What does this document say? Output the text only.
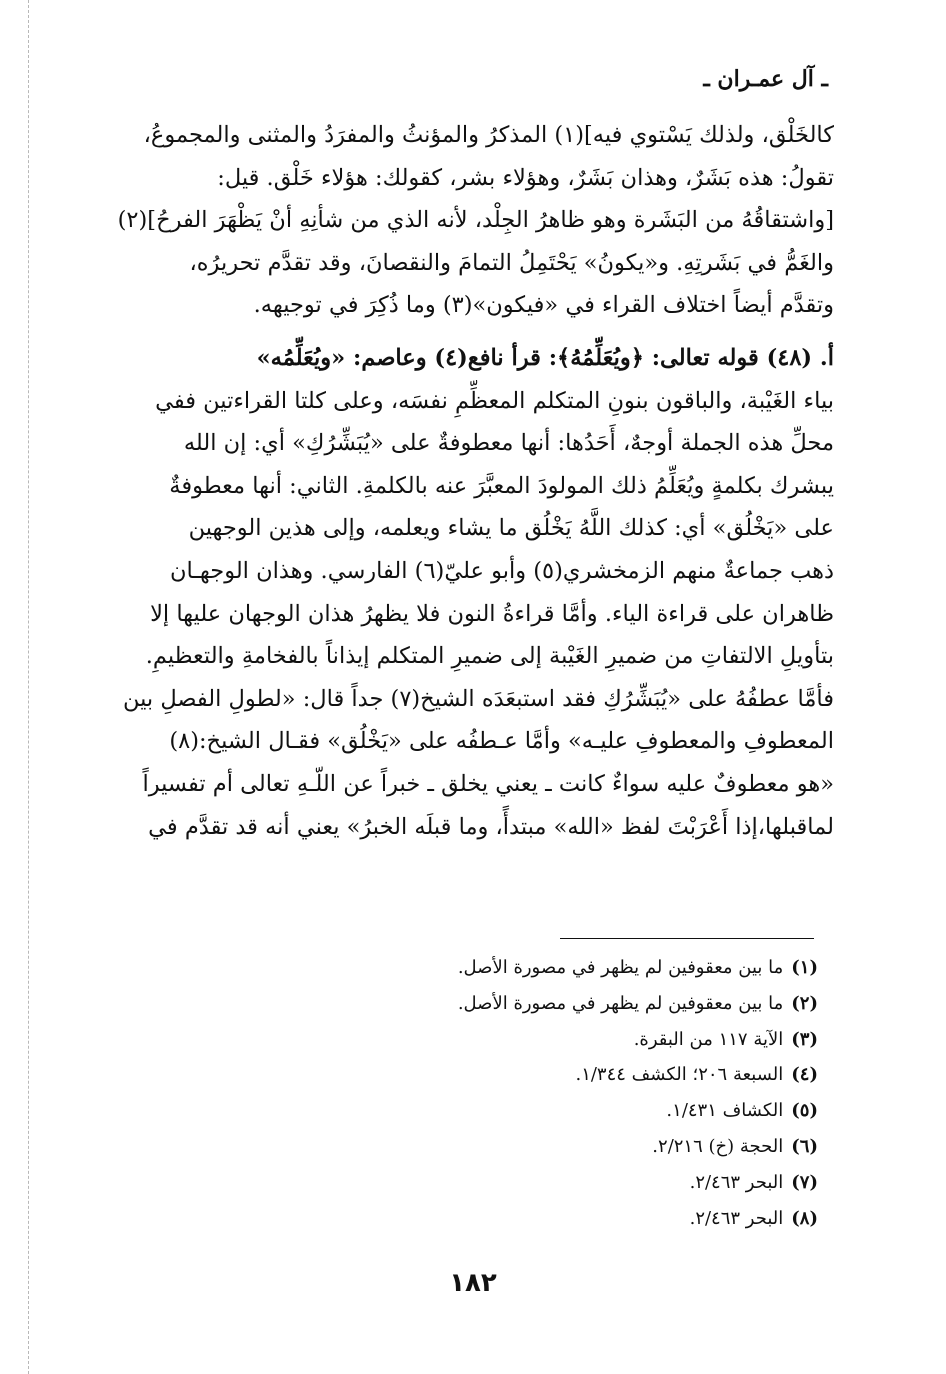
ـ آل عمـران ـ

كالخَلْق، ولذلك يَسْتوي فيه](١) المذكرُ والمؤنثُ والمفرَدُ والمثنى والمجموعُ،

تقولُ: هذه بَشَرٌ، وهذان بَشَرٌ، وهؤلاء بشر، كقولك: هؤلاء خَلْق. قيل:

[واشتقاقُهُ من البَشَرة وهو ظاهرُ الجِلْد، لأنه الذي من شأنِهِ أنْ يَظْهَرَ الفرحُ](٢)

والغَمُّ في بَشَرتِهِ. و«يكونُ» يَحْتَمِلُ التمامَ والنقصانَ، وقد تقدَّم تحريرُه،

وتقدَّم أيضاً اختلاف القراء في «فيكون»(٣) وما ذُكِرَ في توجيهه.

أ. (٤٨) قوله تعالى: ﴿ويُعَلِّمُهُ﴾: قرأ نافع(٤) وعاصم: «ويُعَلِّمُه»

بياء الغَيْبة، والباقون بنونِ المتكلم المعظِّمِ نفسَه، وعلى كلتا القراءتين ففي

محلِّ هذه الجملة أوجهٌ، أَحَدُها: أنها معطوفةٌ على «يُبَشِّرُكِ» أي: إن الله

يبشرك بكلمةٍ ويُعَلِّمُ ذلك المولودَ المعبَّرَ عنه بالكلمةِ. الثاني: أنها معطوفةٌ

على «يَخْلُق» أي: كذلك اللَّهُ يَخْلُق ما يشاء ويعلمه، وإلى هذين الوجهين

ذهب جماعةٌ منهم الزمخشري(٥) وأبو عليّ(٦) الفارسي. وهذان الوجهـان

ظاهران على قراءة الياء. وأمَّا قراءةُ النون فلا يظهرُ هذان الوجهان عليها إلا

بتأويلِ الالتفاتِ من ضميرِ الغَيْبة إلى ضميرِ المتكلم إيذاناً بالفخامةِ والتعظيمِ.

فأمَّا عطفُهُ على «يُبَشِّرُكِ فقد استبعَدَه الشيخ(٧) جداً قال: «لطولِ الفصلِ بين

المعطوفِ والمعطوفِ عليـه» وأمَّا عـطفُه على «يَخْلُق» فقـال الشيخ:(٨)

«هو معطوفٌ عليه سواءٌ كانت ـ يعني يخلق ـ خبراً عن اللّـهِ تعالى أم تفسيراً

لماقبلها،إذا أَعْرَبْتَ لفظ «الله» مبتدأً، وما قبلَه الخبرُ» يعني أنه قد تقدَّم في

(١)ما بين معقوفين لم يظهر في مصورة الأصل.
(٢)ما بين معقوفين لم يظهر في مصورة الأصل.
(٣)الآية ١١٧ من البقرة.
(٤)السبعة ٢٠٦؛ الكشف ١/٣٤٤.
(٥)الكشاف ١/٤٣١.
(٦)الحجة (خ) ٢/٢١٦.
(٧)البحر ٢/٤٦٣.
(٨)البحر ٢/٤٦٣.
١٨٢
